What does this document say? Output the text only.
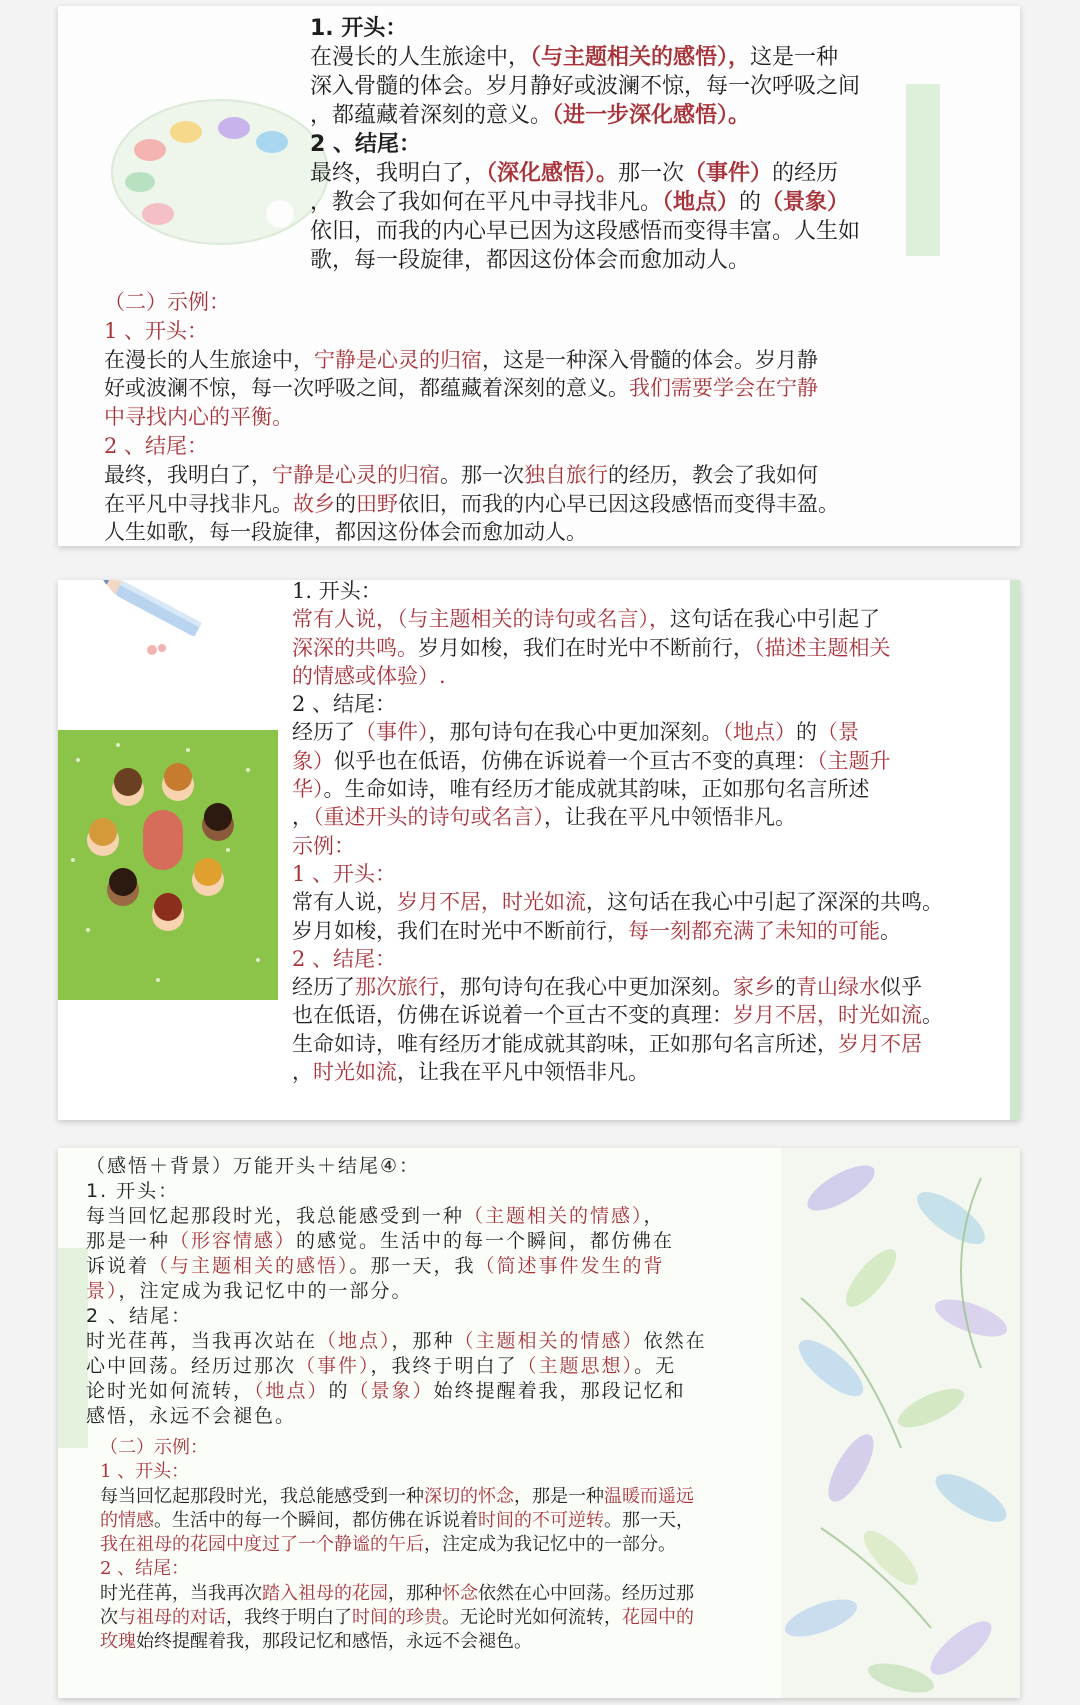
1. 开头：

在漫长的人生旅途中，（与主题相关的感悟），这是一种

深入骨髓的体会。岁月静好或波澜不惊，每一次呼吸之间

，都蕴藏着深刻的意义。（进一步深化感悟）。

2 、结尾：

最终，我明白了，（深化感悟）。那一次（事件）的经历

，教会了我如何在平凡中寻找非凡。（地点）的（景象）

依旧，而我的内心早已因为这段感悟而变得丰富。人生如

歌，每一段旋律，都因这份体会而愈加动人。

（二）示例：

1 、开头：

在漫长的人生旅途中，宁静是心灵的归宿，这是一种深入骨髓的体会。岁月静

好或波澜不惊，每一次呼吸之间，都蕴藏着深刻的意义。我们需要学会在宁静

中寻找内心的平衡。

2 、结尾：

最终，我明白了，宁静是心灵的归宿。那一次独自旅行的经历，教会了我如何

在平凡中寻找非凡。故乡的田野依旧，而我的内心早已因这段感悟而变得丰盈。

人生如歌，每一段旋律，都因这份体会而愈加动人。

1. 开头：

常有人说，（与主题相关的诗句或名言），这句话在我心中引起了

深深的共鸣。岁月如梭，我们在时光中不断前行，（描述主题相关

的情感或体验）.

2 、结尾：

经历了（事件），那句诗句在我心中更加深刻。（地点）的（景

象）似乎也在低语，仿佛在诉说着一个亘古不变的真理：（主题升

华）。生命如诗，唯有经历才能成就其韵味，正如那句名言所述

，（重述开头的诗句或名言），让我在平凡中领悟非凡。

示例：

1 、开头：

常有人说，岁月不居，时光如流，这句话在我心中引起了深深的共鸣。

岁月如梭，我们在时光中不断前行，每一刻都充满了未知的可能。

2 、结尾：

经历了那次旅行，那句诗句在我心中更加深刻。家乡的青山绿水似乎

也在低语，仿佛在诉说着一个亘古不变的真理：岁月不居，时光如流。

生命如诗，唯有经历才能成就其韵味，正如那句名言所述，岁月不居

，时光如流，让我在平凡中领悟非凡。

（感悟＋背景）万能开头＋结尾④：

1. 开头：

每当回忆起那段时光，我总能感受到一种（主题相关的情感），

那是一种（形容情感）的感觉。生活中的每一个瞬间，都仿佛在

诉说着（与主题相关的感悟）。那一天，我（简述事件发生的背

景），注定成为我记忆中的一部分。

2 、结尾：

时光荏苒，当我再次站在（地点），那种（主题相关的情感）依然在

心中回荡。经历过那次（事件），我终于明白了（主题思想）。无

论时光如何流转，（地点）的（景象）始终提醒着我，那段记忆和

感悟，永远不会褪色。

（二）示例：

1 、开头：

每当回忆起那段时光，我总能感受到一种深切的怀念，那是一种温暖而遥远

的情感。生活中的每一个瞬间，都仿佛在诉说着时间的不可逆转。那一天，

我在祖母的花园中度过了一个静谧的午后，注定成为我记忆中的一部分。

2 、结尾：

时光荏苒，当我再次踏入祖母的花园，那种怀念依然在心中回荡。经历过那

次与祖母的对话，我终于明白了时间的珍贵。无论时光如何流转，花园中的

玫瑰始终提醒着我，那段记忆和感悟，永远不会褪色。
